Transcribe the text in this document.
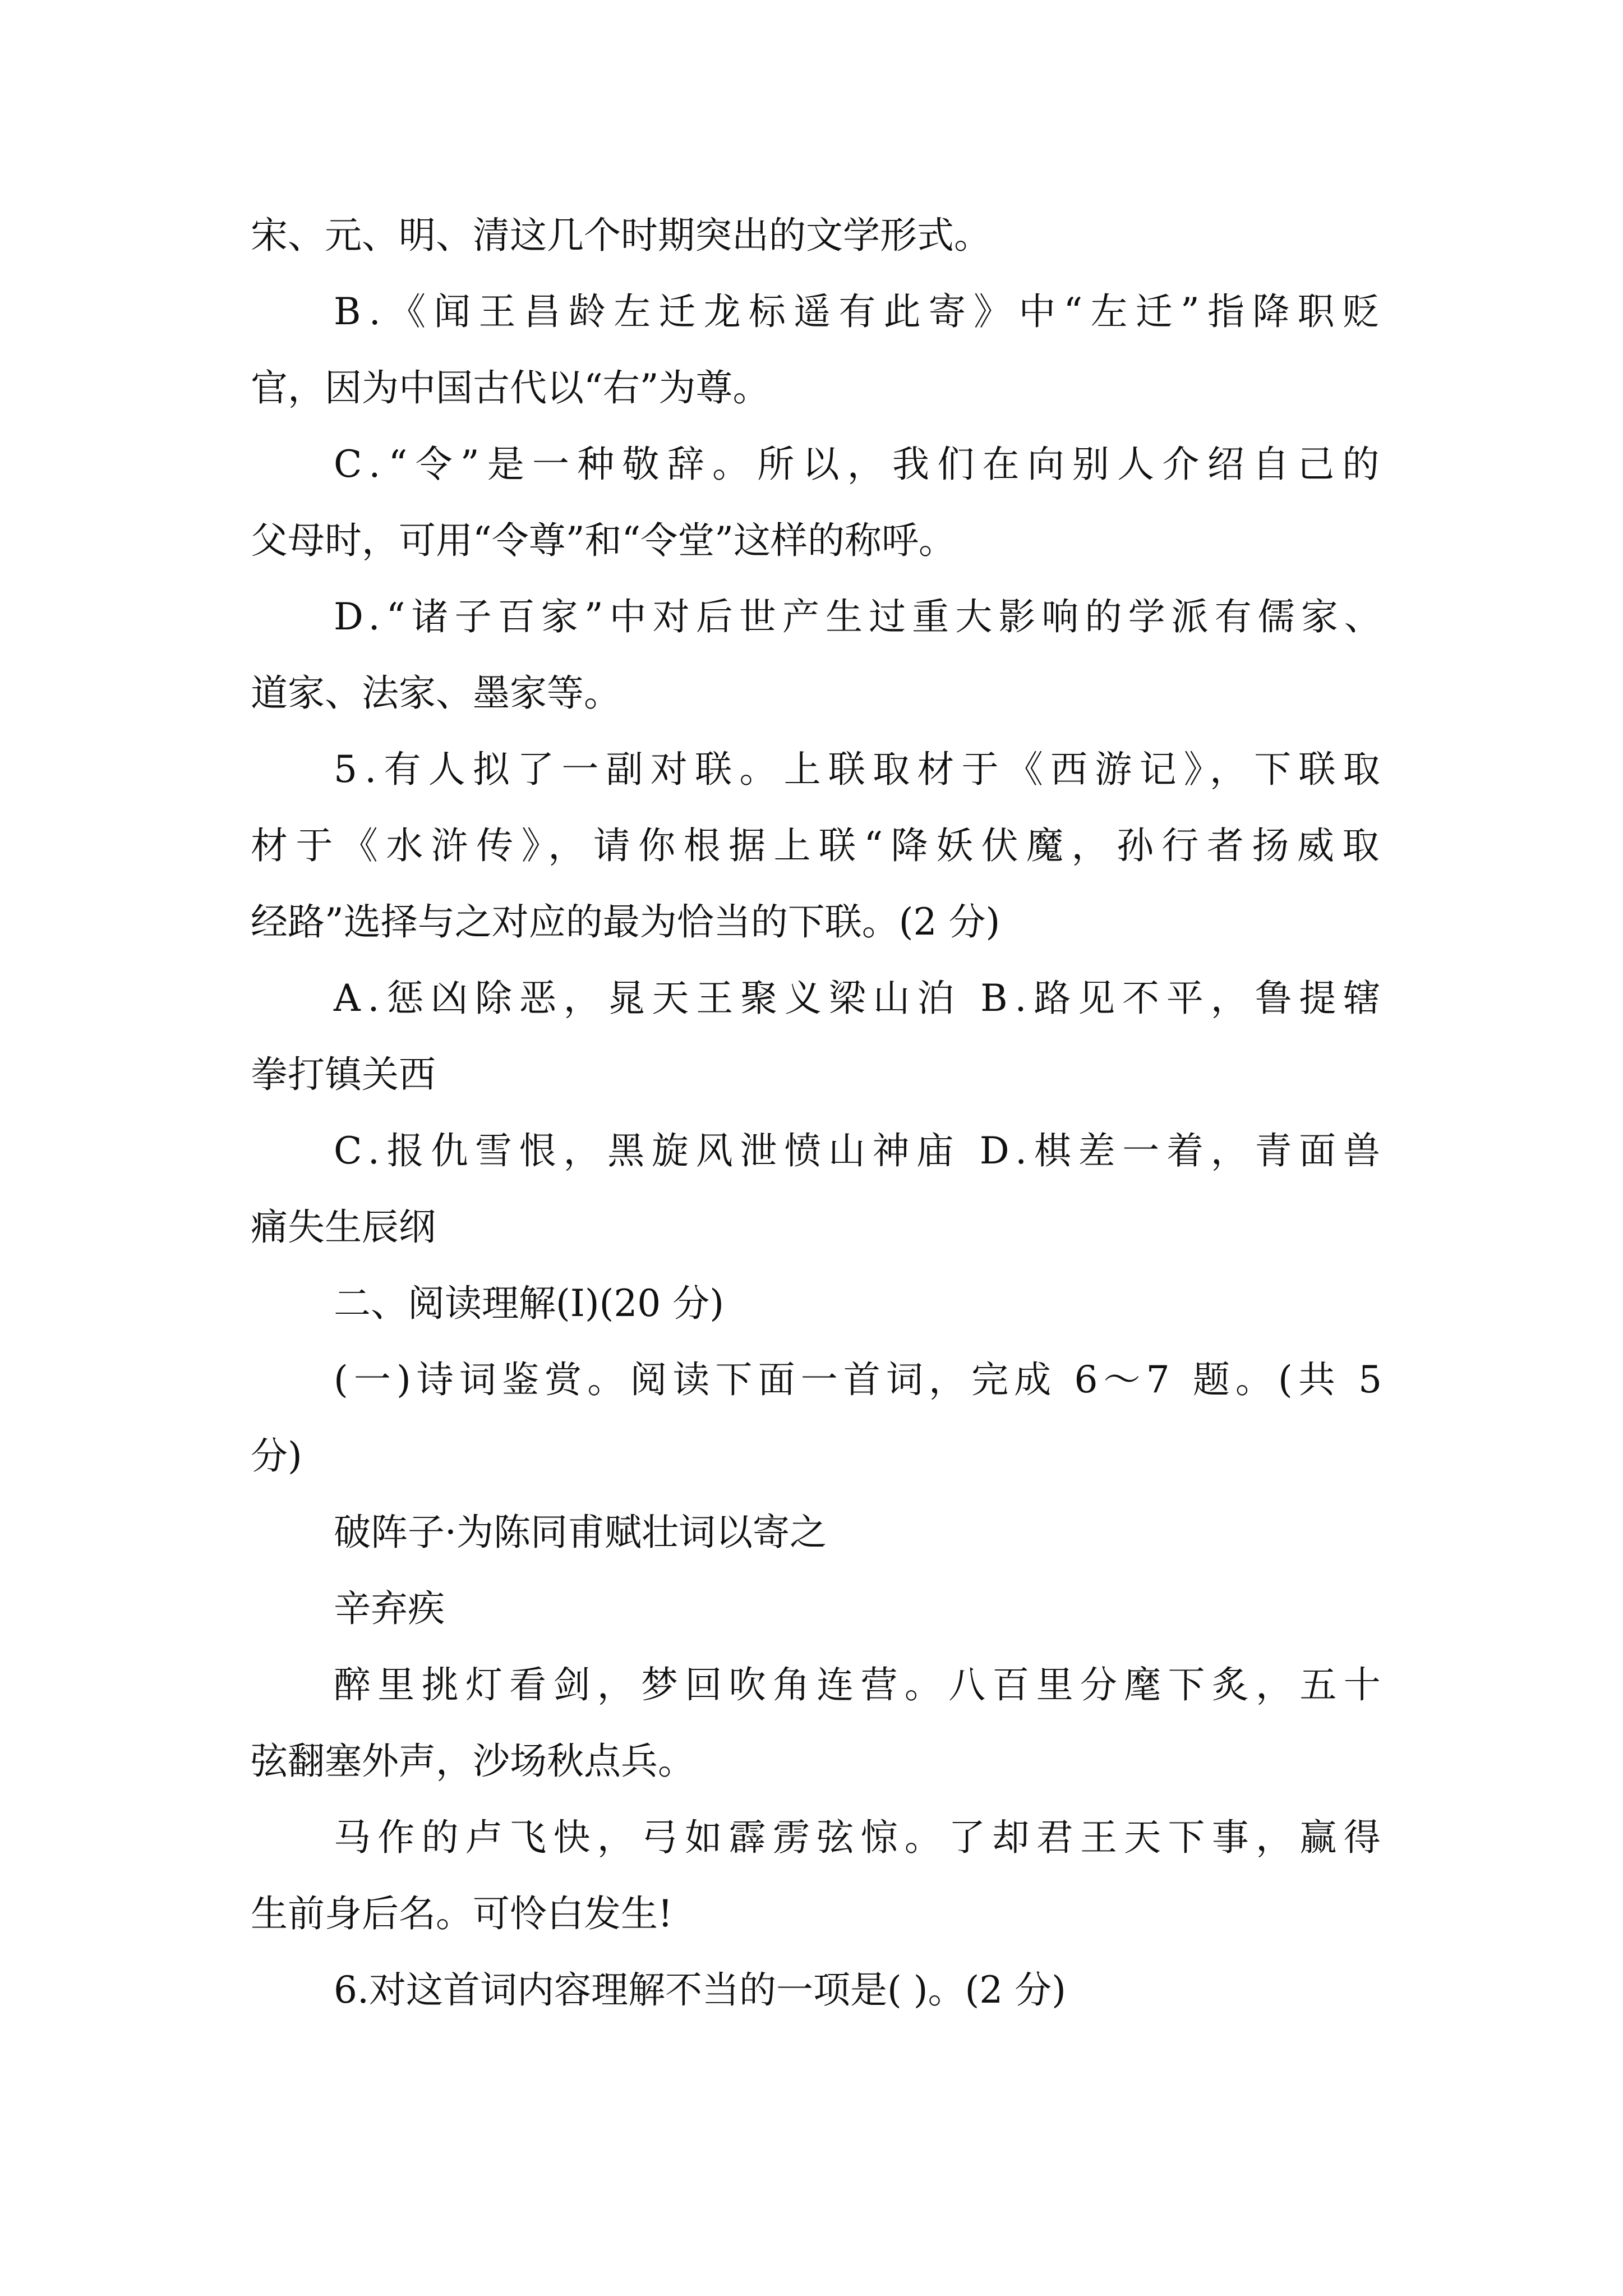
宋、元、明、清这几个时期突出的文学形式。

B.《闻王昌龄左迁龙标遥有此寄》中“左迁”指降职贬

官，因为中国古代以“右”为尊。

C.“令”是一种敬辞。所以，我们在向别人介绍自己的

父母时，可用“令尊”和“令堂”这样的称呼。

D.“诸子百家”中对后世产生过重大影响的学派有儒家、

道家、法家、墨家等。

5.有人拟了一副对联。上联取材于《西游记》，下联取

材于《水浒传》，请你根据上联“降妖伏魔，孙行者扬威取

经路”选择与之对应的最为恰当的下联。(2 分)

A.惩凶除恶，晁天王聚义梁山泊 B.路见不平，鲁提辖

拳打镇关西

C.报仇雪恨，黑旋风泄愤山神庙 D.棋差一着，青面兽

痛失生辰纲

二、阅读理解(Ⅰ)(20 分)

(一)诗词鉴赏。阅读下面一首词，完成 6～7 题。(共 5

分)

破阵子·为陈同甫赋壮词以寄之

辛弃疾

醉里挑灯看剑，梦回吹角连营。八百里分麾下炙，五十

弦翻塞外声，沙场秋点兵。

马作的卢飞快，弓如霹雳弦惊。了却君王天下事，赢得

生前身后名。可怜白发生!

6.对这首词内容理解不当的一项是( )。(2 分)
